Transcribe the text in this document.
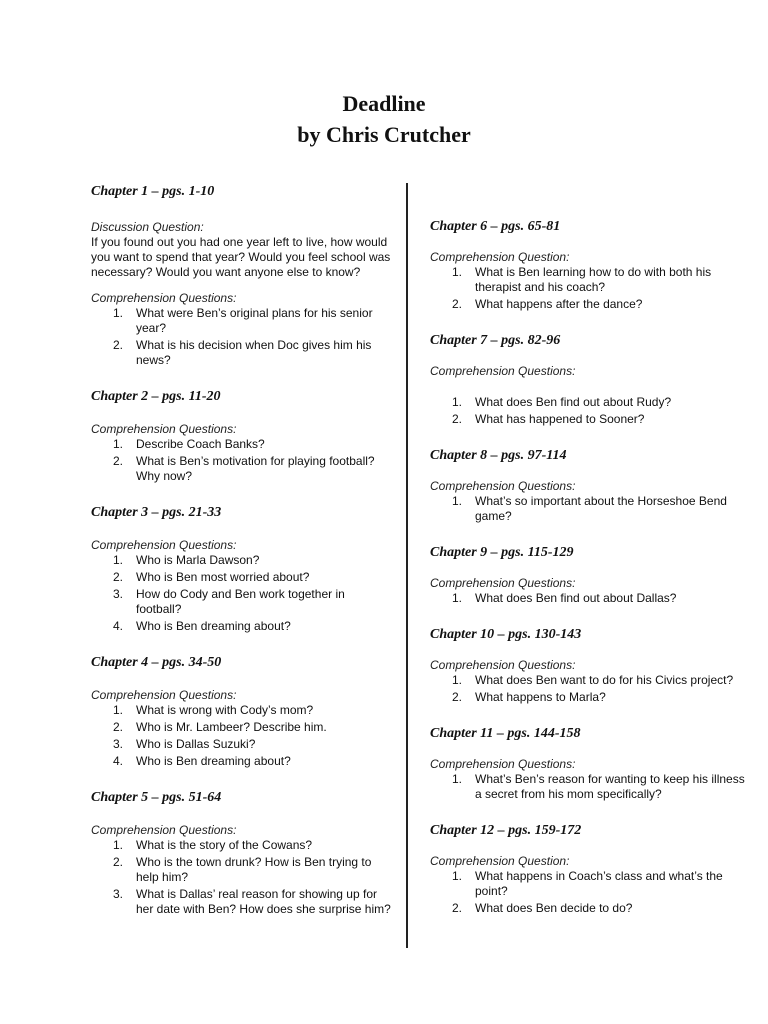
Deadline
by Chris Crutcher
Chapter 1 – pgs. 1-10
Discussion Question:
If you found out you had one year left to live, how would you want to spend that year? Would you feel school was necessary? Would you want anyone else to know?
Comprehension Questions:
1.	What were Ben’s original plans for his senior year?
2.	What is his decision when Doc gives him his news?
Chapter 2 – pgs. 11-20
Comprehension Questions:
1.	Describe Coach Banks?
2.	What is Ben’s motivation for playing football? Why now?
Chapter 3 – pgs. 21-33
Comprehension Questions:
1.	Who is Marla Dawson?
2.	Who is Ben most worried about?
3.	How do Cody and Ben work together in football?
4.	Who is Ben dreaming about?
Chapter 4 – pgs. 34-50
Comprehension Questions:
1.	What is wrong with Cody’s mom?
2.	Who is Mr. Lambeer? Describe him.
3.	Who is Dallas Suzuki?
4.	Who is Ben dreaming about?
Chapter 5 – pgs. 51-64
Comprehension Questions:
1.	What is the story of the Cowans?
2.	Who is the town drunk? How is Ben trying to help him?
3.	What is Dallas’ real reason for showing up for her date with Ben? How does she surprise him?
Chapter 6 – pgs. 65-81
Comprehension Question:
1.	What is Ben learning how to do with both his therapist and his coach?
2.	What happens after the dance?
Chapter 7 – pgs. 82-96
Comprehension Questions:
1.	What does Ben find out about Rudy?
2.	What has happened to Sooner?
Chapter 8 – pgs. 97-114
Comprehension Questions:
1.	What’s so important about the Horseshoe Bend game?
Chapter 9 – pgs. 115-129
Comprehension Questions:
1.	What does Ben find out about Dallas?
Chapter 10 – pgs. 130-143
Comprehension Questions:
1.	What does Ben want to do for his Civics project?
2.	What happens to Marla?
Chapter 11 – pgs. 144-158
Comprehension Questions:
1.	What’s Ben’s reason for wanting to keep his illness a secret from his mom specifically?
Chapter 12 – pgs. 159-172
Comprehension Question:
1.	What happens in Coach’s class and what’s the point?
2.	What does Ben decide to do?
